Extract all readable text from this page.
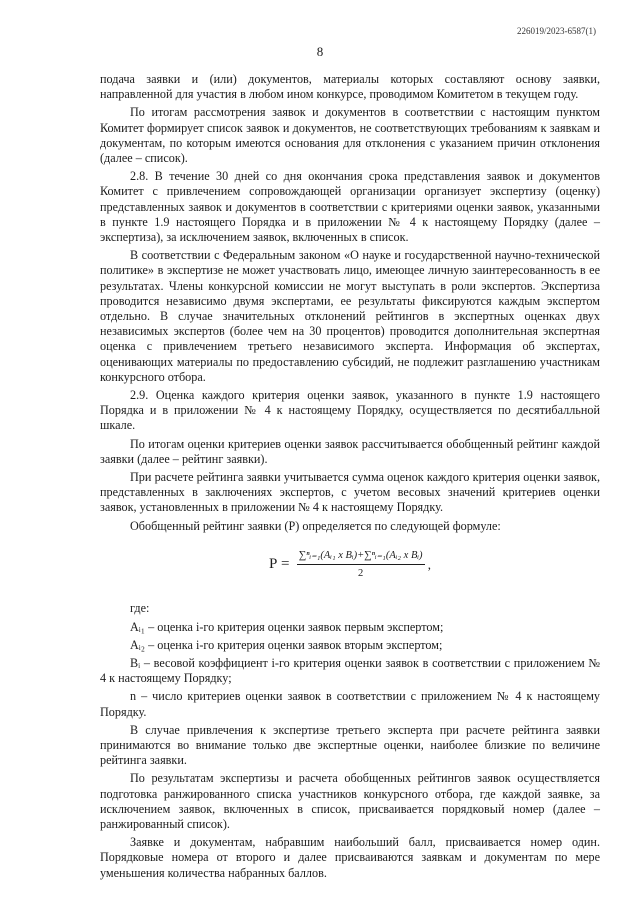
226019/2023-6587(1)
8

подача заявки и (или) документов, материалы которых составляют основу заявки, направленной для участия в любом ином конкурсе, проводимом Комитетом в текущем году.

По итогам рассмотрения заявок и документов в соответствии с настоящим пунктом Комитет формирует список заявок и документов, не соответствующих требованиям к заявкам и документам, по которым имеются основания для отклонения с указанием причин отклонения (далее – список).

2.8. В течение 30 дней со дня окончания срока представления заявок и документов Комитет с привлечением сопровождающей организации организует экспертизу (оценку) представленных заявок и документов в соответствии с критериями оценки заявок, указанными в пункте 1.9 настоящего Порядка и в приложении № 4 к настоящему Порядку (далее – экспертиза), за исключением заявок, включенных в список.

В соответствии с Федеральным законом «О науке и государственной научно-технической политике» в экспертизе не может участвовать лицо, имеющее личную заинтересованность в ее результатах. Члены конкурсной комиссии не могут выступать в роли экспертов. Экспертиза проводится независимо двумя экспертами, ее результаты фиксируются каждым экспертом отдельно. В случае значительных отклонений рейтингов в экспертных оценках двух независимых экспертов (более чем на 30 процентов) проводится дополнительная экспертная оценка с привлечением третьего независимого эксперта. Информация об экспертах, оценивающих материалы по предоставлению субсидий, не подлежит разглашению участникам конкурсного отбора.

2.9. Оценка каждого критерия оценки заявок, указанного в пункте 1.9 настоящего Порядка и в приложении № 4 к настоящему Порядку, осуществляется по десятибалльной шкале.

По итогам оценки критериев оценки заявок рассчитывается обобщенный рейтинг каждой заявки (далее – рейтинг заявки).

При расчете рейтинга заявки учитывается сумма оценок каждого критерия оценки заявок, представленных в заключениях экспертов, с учетом весовых значений критериев оценки заявок, установленных в приложении № 4 к настоящему Порядку.

Обобщенный рейтинг заявки (Р) определяется по следующей формуле:

$Р = \frac{\text{∑ⁿᵢ₌₁(Aᵢ₁ x Bᵢ)+∑ⁿᵢ₌₁(Aᵢ₂ x Bᵢ)}}{2}$ ,

где:

Aᵢ₁ – оценка i-го критерия оценки заявок первым экспертом;

Aᵢ₂ – оценка i-го критерия оценки заявок вторым экспертом;

Bᵢ – весовой коэффициент i-го критерия оценки заявок в соответствии с приложением № 4 к настоящему Порядку;

n – число критериев оценки заявок в соответствии с приложением № 4 к настоящему Порядку.

В случае привлечения к экспертизе третьего эксперта при расчете рейтинга заявки принимаются во внимание только две экспертные оценки, наиболее близкие по величине рейтинга заявки.

По результатам экспертизы и расчета обобщенных рейтингов заявок осуществляется подготовка ранжированного списка участников конкурсного отбора, где каждой заявке, за исключением заявок, включенных в список, присваивается порядковый номер (далее – ранжированный список).

Заявке и документам, набравшим наибольший балл, присваивается номер один. Порядковые номера от второго и далее присваиваются заявкам и документам по мере уменьшения количества набранных баллов.
